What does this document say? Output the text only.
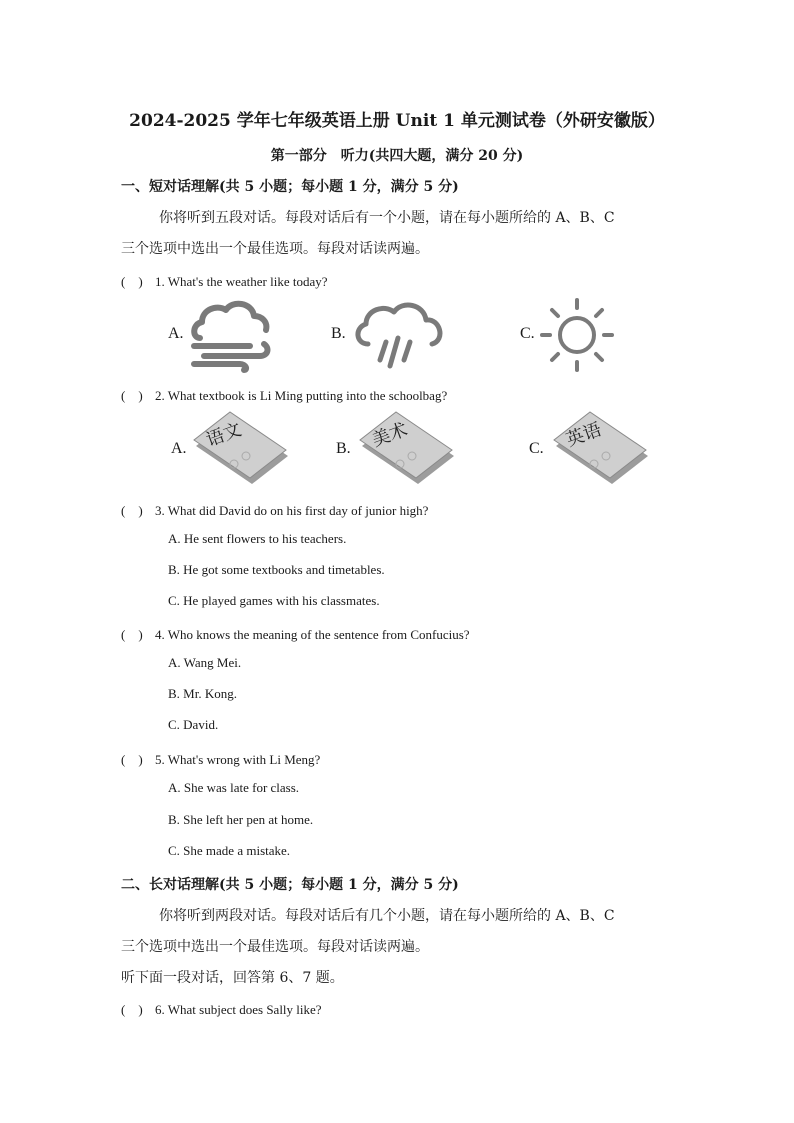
2024-2025 学年七年级英语上册 Unit 1 单元测试卷（外研安徽版）
第一部分　听力(共四大题，满分 20 分)
一、短对话理解(共 5 小题；每小题 1 分，满分 5 分)
你将听到五段对话。每段对话后有一个小题，请在每小题所给的 A、B、C
三个选项中选出一个最佳选项。每段对话读两遍。
(　) 1. What's the weather like today?
A.	B.	C.
(　) 2. What textbook is Li Ming putting into the schoolbag?
A. 语文	B. 美术	C. 英语
(　) 3. What did David do on his first day of junior high?
A. He sent flowers to his teachers.
B. He got some textbooks and timetables.
C. He played games with his classmates.
(　) 4. Who knows the meaning of the sentence from Confucius?
A. Wang Mei.
B. Mr. Kong.
C. David.
(　) 5. What's wrong with Li Meng?
A. She was late for class.
B. She left her pen at home.
C. She made a mistake.
二、长对话理解(共 5 小题；每小题 1 分，满分 5 分)
你将听到两段对话。每段对话后有几个小题，请在每小题所给的 A、B、C
三个选项中选出一个最佳选项。每段对话读两遍。
听下面一段对话，回答第 6、7 题。
(　) 6. What subject does Sally like?
